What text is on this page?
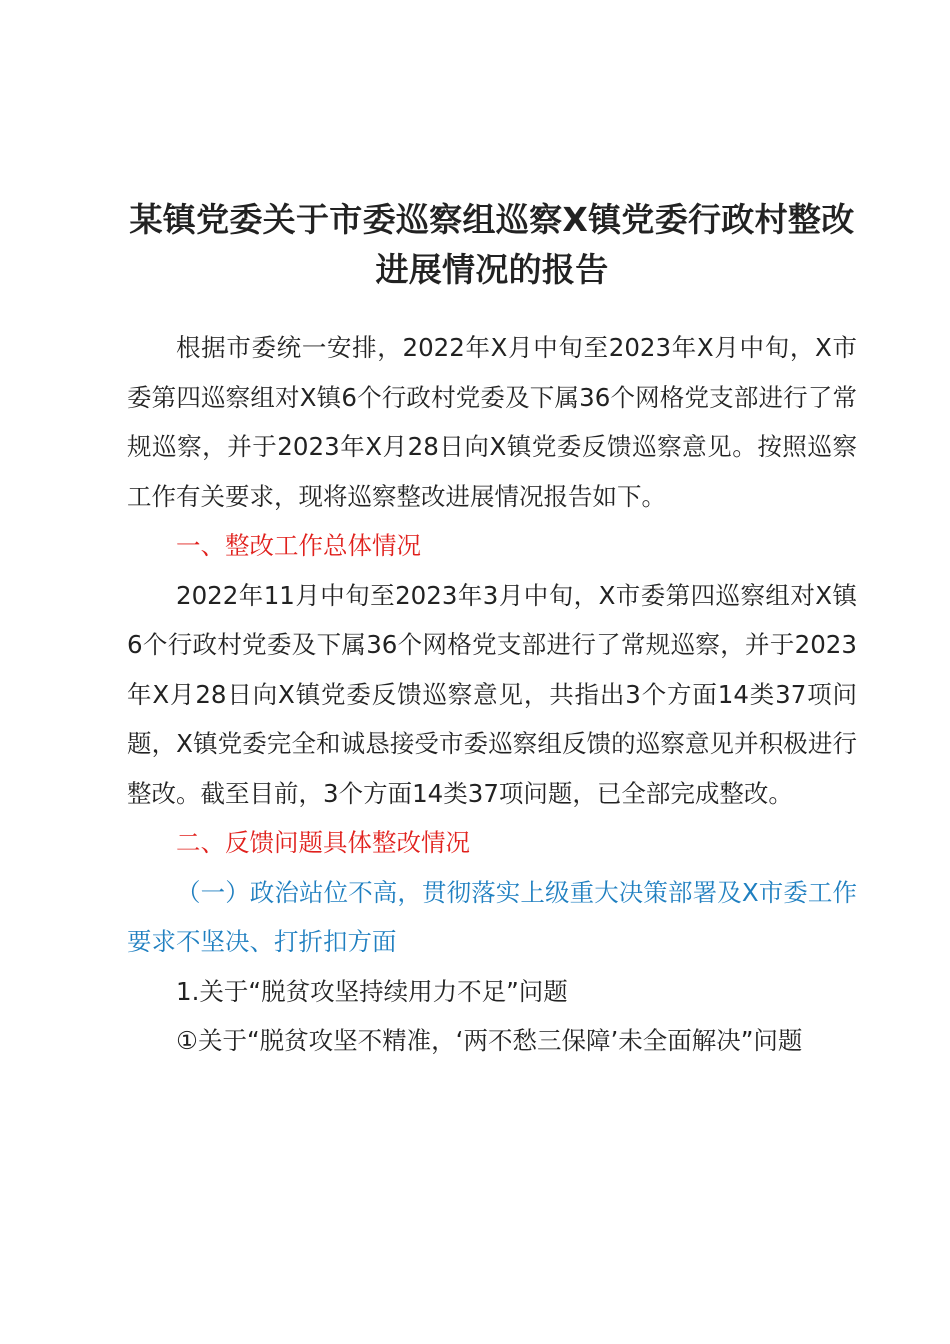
某镇党委关于市委巡察组巡察X镇党委行政村整改进展情况的报告

根据市委统一安排，2022年X月中旬至2023年X月中旬，X市委第四巡察组对X镇6个行政村党委及下属36个网格党支部进行了常规巡察，并于2023年X月28日向X镇党委反馈巡察意见。按照巡察工作有关要求，现将巡察整改进展情况报告如下。

一、整改工作总体情况

2022年11月中旬至2023年3月中旬，X市委第四巡察组对X镇6个行政村党委及下属36个网格党支部进行了常规巡察，并于2023年X月28日向X镇党委反馈巡察意见，共指出3个方面14类37项问题，X镇党委完全和诚恳接受市委巡察组反馈的巡察意见并积极进行整改。截至目前，3个方面14类37项问题，已全部完成整改。

二、反馈问题具体整改情况

（一）政治站位不高，贯彻落实上级重大决策部署及X市委工作要求不坚决、打折扣方面

1.关于“脱贫攻坚持续用力不足”问题

①关于“脱贫攻坚不精准，‘两不愁三保障’未全面解决”问题
